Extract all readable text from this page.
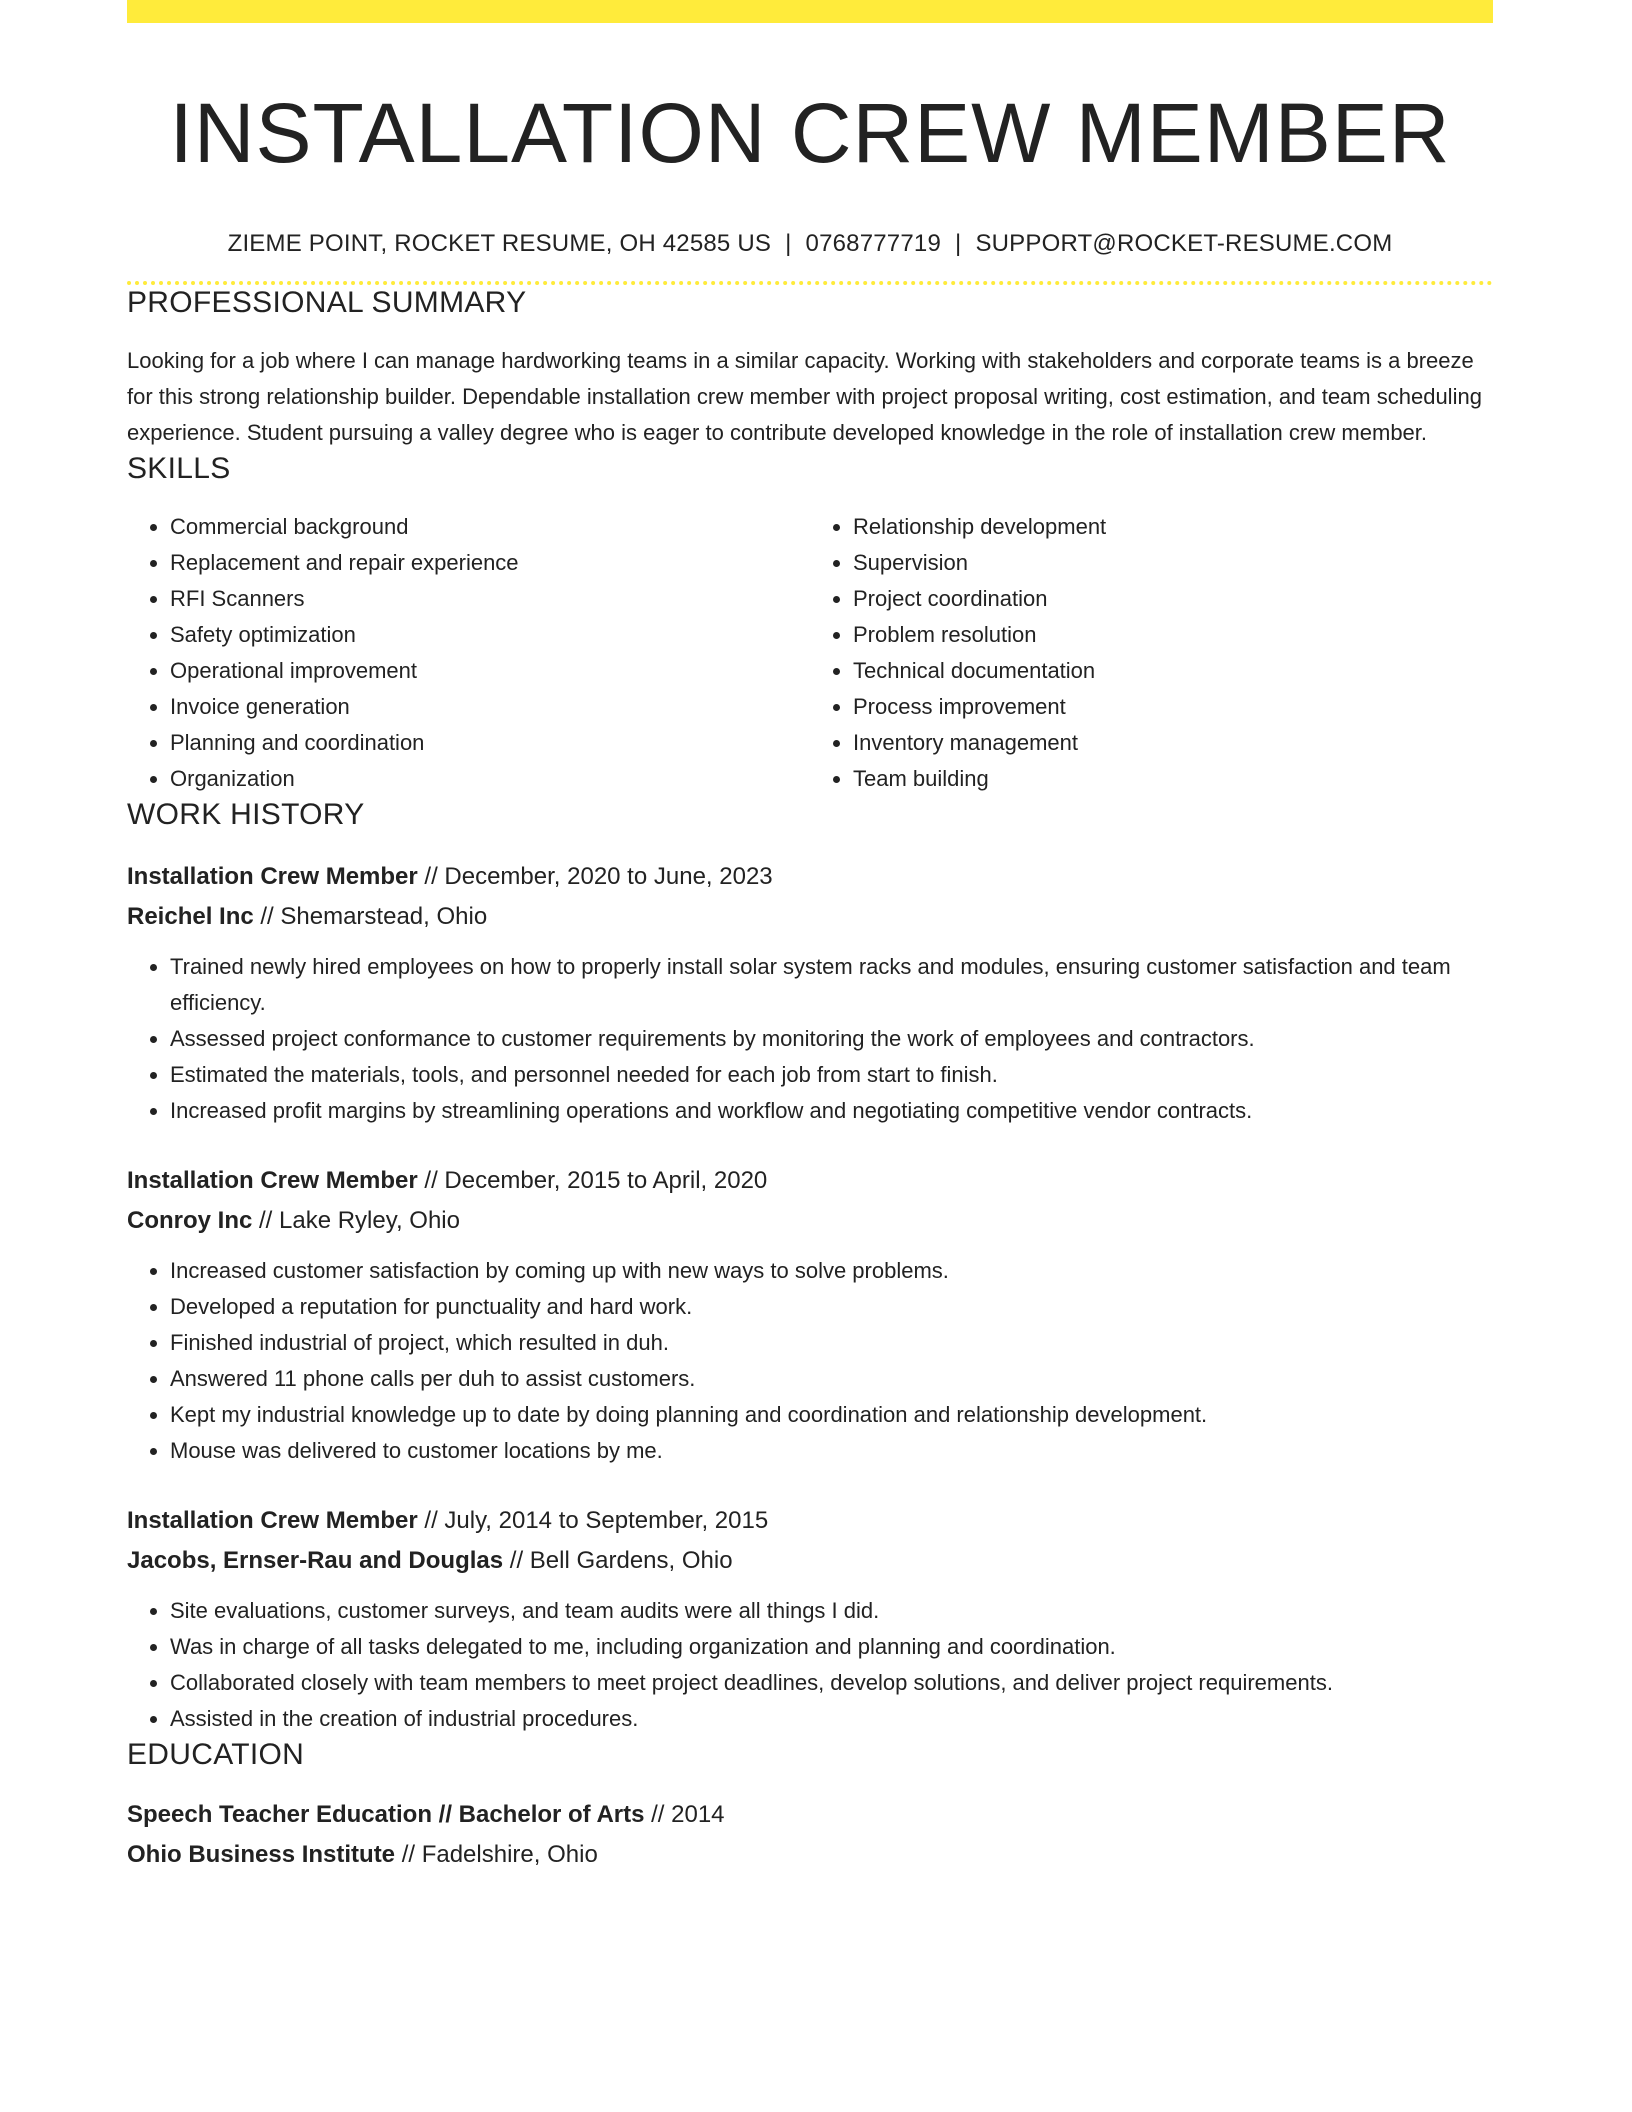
INSTALLATION CREW MEMBER
ZIEME POINT, ROCKET RESUME, OH 42585 US | 0768777719 | SUPPORT@ROCKET-RESUME.COM
PROFESSIONAL SUMMARY
Looking for a job where I can manage hardworking teams in a similar capacity. Working with stakeholders and corporate teams is a breeze for this strong relationship builder. Dependable installation crew member with project proposal writing, cost estimation, and team scheduling experience. Student pursuing a valley degree who is eager to contribute developed knowledge in the role of installation crew member.
SKILLS
• Commercial background
• Replacement and repair experience
• RFI Scanners
• Safety optimization
• Operational improvement
• Invoice generation
• Planning and coordination
• Organization
• Relationship development
• Supervision
• Project coordination
• Problem resolution
• Technical documentation
• Process improvement
• Inventory management
• Team building
WORK HISTORY
Installation Crew Member // December, 2020 to June, 2023
Reichel Inc // Shemarstead, Ohio
• Trained newly hired employees on how to properly install solar system racks and modules, ensuring customer satisfaction and team efficiency.
• Assessed project conformance to customer requirements by monitoring the work of employees and contractors.
• Estimated the materials, tools, and personnel needed for each job from start to finish.
• Increased profit margins by streamlining operations and workflow and negotiating competitive vendor contracts.
Installation Crew Member // December, 2015 to April, 2020
Conroy Inc // Lake Ryley, Ohio
• Increased customer satisfaction by coming up with new ways to solve problems.
• Developed a reputation for punctuality and hard work.
• Finished industrial of project, which resulted in duh.
• Answered 11 phone calls per duh to assist customers.
• Kept my industrial knowledge up to date by doing planning and coordination and relationship development.
• Mouse was delivered to customer locations by me.
Installation Crew Member // July, 2014 to September, 2015
Jacobs, Ernser-Rau and Douglas // Bell Gardens, Ohio
• Site evaluations, customer surveys, and team audits were all things I did.
• Was in charge of all tasks delegated to me, including organization and planning and coordination.
• Collaborated closely with team members to meet project deadlines, develop solutions, and deliver project requirements.
• Assisted in the creation of industrial procedures.
EDUCATION
Speech Teacher Education // Bachelor of Arts // 2014
Ohio Business Institute // Fadelshire, Ohio
